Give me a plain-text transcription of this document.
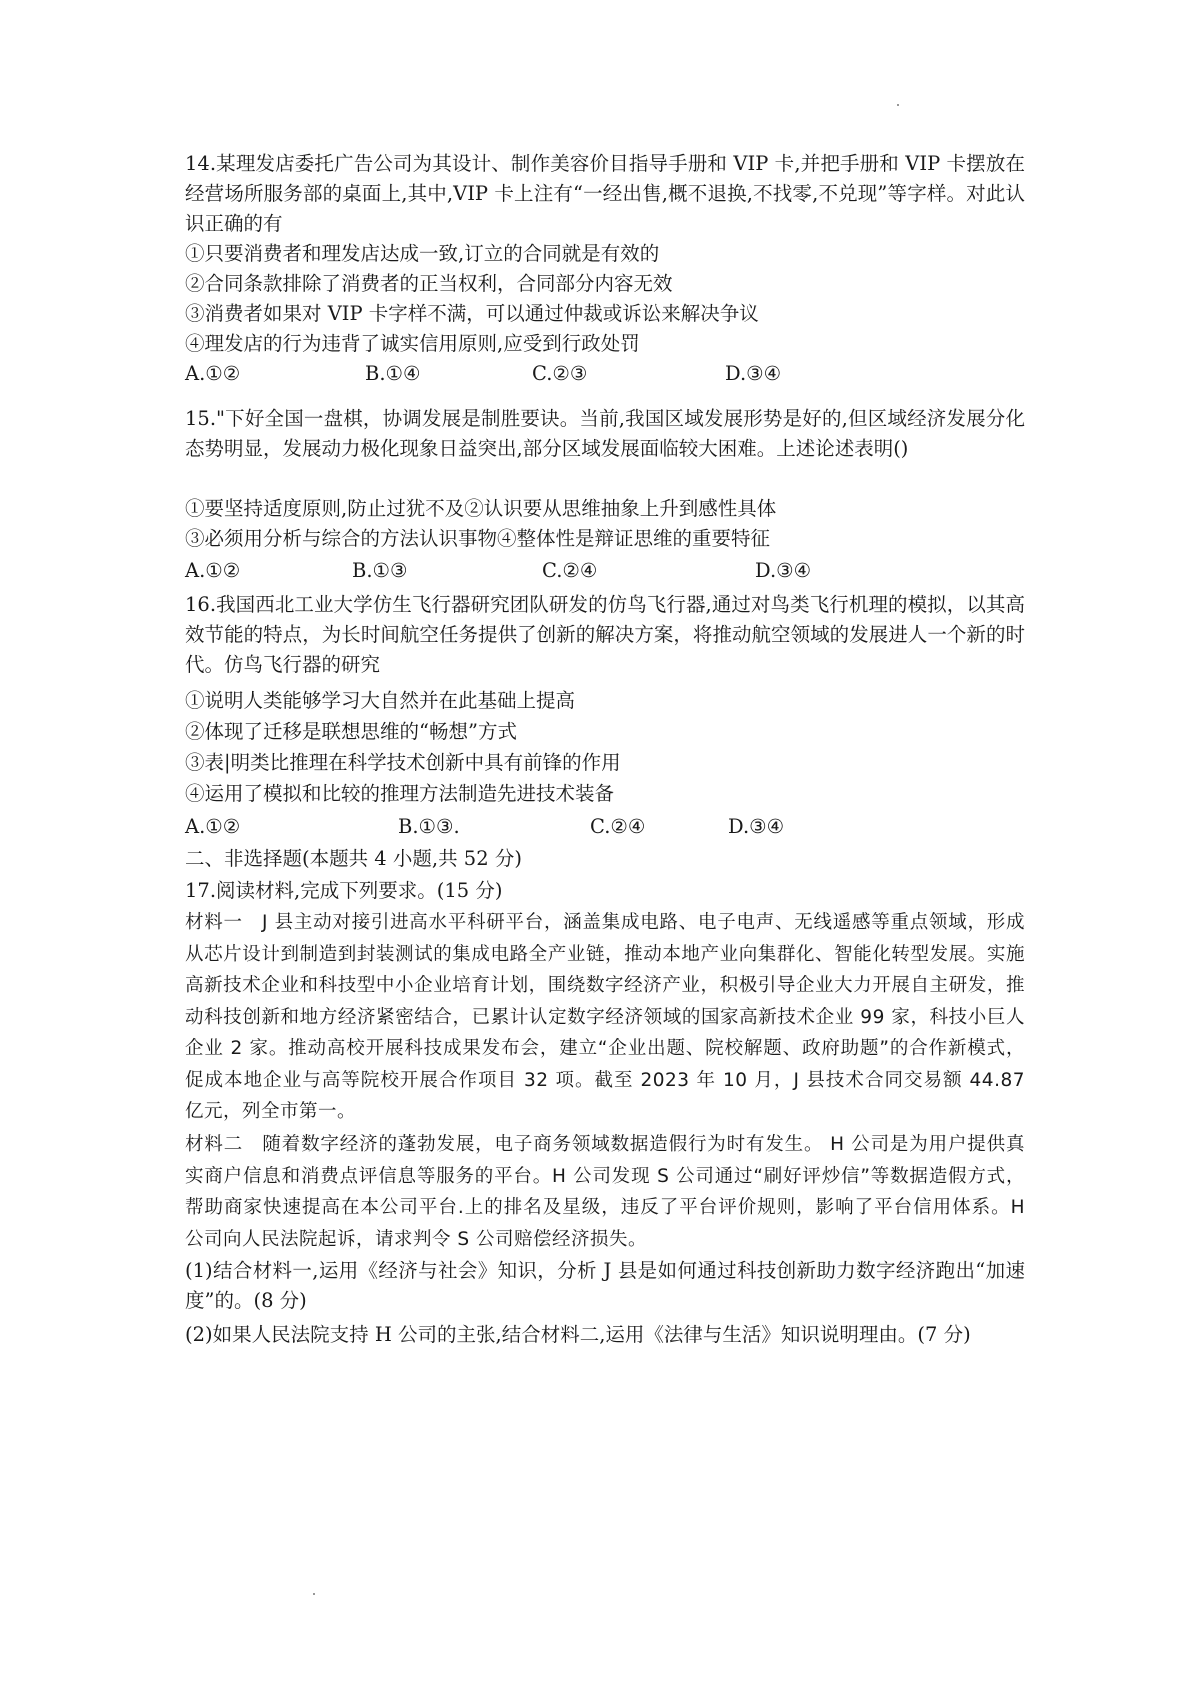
14.某理发店委托广告公司为其设计、制作美容价目指导手册和 VIP 卡,并把手册和 VIP 卡摆放在经营场所服务部的桌面上,其中,VIP 卡上注有“一经出售,概不退换,不找零,不兑现”等字样。对此认识正确的有
①只要消费者和理发店达成一致,订立的合同就是有效的
②合同条款排除了消费者的正当权利，合同部分内容无效
③消费者如果对 VIP 卡字样不满，可以通过仲裁或诉讼来解决争议
④理发店的行为违背了诚实信用原则,应受到行政处罚
A.①②	B.①④	C.②③	D.③④
15."下好全国一盘棋，协调发展是制胜要诀。当前,我国区域发展形势是好的,但区域经济发展分化态势明显，发展动力极化现象日益突出,部分区域发展面临较大困难。上述论述表明()
①要坚持适度原则,防止过犹不及②认识要从思维抽象上升到感性具体
③必须用分析与综合的方法认识事物④整体性是辩证思维的重要特征
A.①②	B.①③	C.②④	D.③④
16.我国西北工业大学仿生飞行器研究团队研发的仿鸟飞行器,通过对鸟类飞行机理的模拟，以其高效节能的特点，为长时间航空任务提供了创新的解决方案，将推动航空领域的发展进人一个新的时代。仿鸟飞行器的研究
①说明人类能够学习大自然并在此基础上提高
②体现了迁移是联想思维的“畅想”方式
③表|明类比推理在科学技术创新中具有前锋的作用
④运用了模拟和比较的推理方法制造先进技术装备
A.①②	B.①③.	C.②④	D.③④
二、非选择题(本题共 4 小题,共 52 分)
17.阅读材料,完成下列要求。(15 分)
材料一　J 县主动对接引进高水平科研平台，涵盖集成电路、电子电声、无线遥感等重点领域，形成从芯片设计到制造到封装测试的集成电路全产业链，推动本地产业向集群化、智能化转型发展。实施高新技术企业和科技型中小企业培育计划，围绕数字经济产业，积极引导企业大力开展自主研发，推动科技创新和地方经济紧密结合，已累计认定数字经济领域的国家高新技术企业 99 家，科技小巨人企业 2 家。推动高校开展科技成果发布会，建立“企业出题、院校解题、政府助题”的合作新模式，促成本地企业与高等院校开展合作项目 32 项。截至 2023 年 10 月，J 县技术合同交易额 44.87 亿元，列全市第一。
材料二　随着数字经济的蓬勃发展，电子商务领域数据造假行为时有发生。 H 公司是为用户提供真实商户信息和消费点评信息等服务的平台。H 公司发现 S 公司通过“刷好评炒信”等数据造假方式，帮助商家快速提高在本公司平台.上的排名及星级，违反了平台评价规则，影响了平台信用体系。H 公司向人民法院起诉，请求判令 S 公司赔偿经济损失。
(1)结合材料一,运用《经济与社会》知识，分析 J 县是如何通过科技创新助力数字经济跑出“加速度”的。(8 分)
(2)如果人民法院支持 H 公司的主张,结合材料二,运用《法律与生活》知识说明理由。(7 分)
